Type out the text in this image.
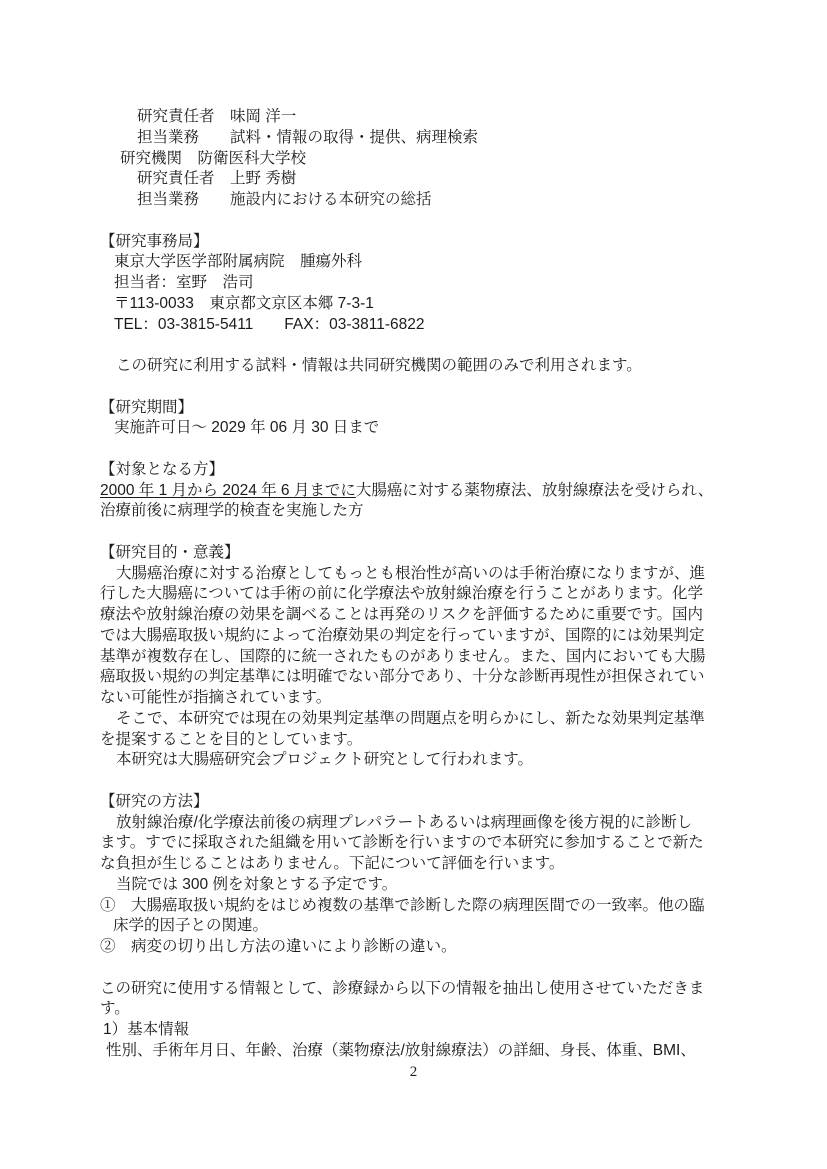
研究責任者　味岡 洋一
担当業務　　試料・情報の取得・提供、病理検索
研究機関　防衛医科大学校
研究責任者　上野 秀樹
担当業務　　施設内における本研究の総括
【研究事務局】
東京大学医学部附属病院　腫瘍外科
担当者：室野　浩司
〒113-0033　東京都文京区本郷 7-3-1
TEL：03-3815-5411　　FAX：03-3811-6822
この研究に利用する試料・情報は共同研究機関の範囲のみで利用されます。
【研究期間】
実施許可日～ 2029 年 06 月 30 日まで
【対象となる方】
2000 年 1 月から 2024 年 6 月までに大腸癌に対する薬物療法、放射線療法を受けられ、
治療前後に病理学的検査を実施した方
【研究目的・意義】
大腸癌治療に対する治療としてもっとも根治性が高いのは手術治療になりますが、進
行した大腸癌については手術の前に化学療法や放射線治療を行うことがあります。化学
療法や放射線治療の効果を調べることは再発のリスクを評価するために重要です。国内
では大腸癌取扱い規約によって治療効果の判定を行っていますが、国際的には効果判定
基準が複数存在し、国際的に統一されたものがありません。また、国内においても大腸
癌取扱い規約の判定基準には明確でない部分であり、十分な診断再現性が担保されてい
ない可能性が指摘されています。
そこで、本研究では現在の効果判定基準の問題点を明らかにし、新たな効果判定基準
を提案することを目的としています。
本研究は大腸癌研究会プロジェクト研究として行われます。
【研究の方法】
放射線治療/化学療法前後の病理プレパラートあるいは病理画像を後方視的に診断し
ます。すでに採取された組織を用いて診断を行いますので本研究に参加することで新た
な負担が生じることはありません。下記について評価を行います。
当院では 300 例を対象とする予定です。
①　大腸癌取扱い規約をはじめ複数の基準で診断した際の病理医間での一致率。他の臨
床学的因子との関連。
②　病変の切り出し方法の違いにより診断の違い。
この研究に使用する情報として、診療録から以下の情報を抽出し使用させていただきま
す。
1）基本情報
性別、手術年月日、年齢、治療（薬物療法/放射線療法）の詳細、身長、体重、BMI、
2
